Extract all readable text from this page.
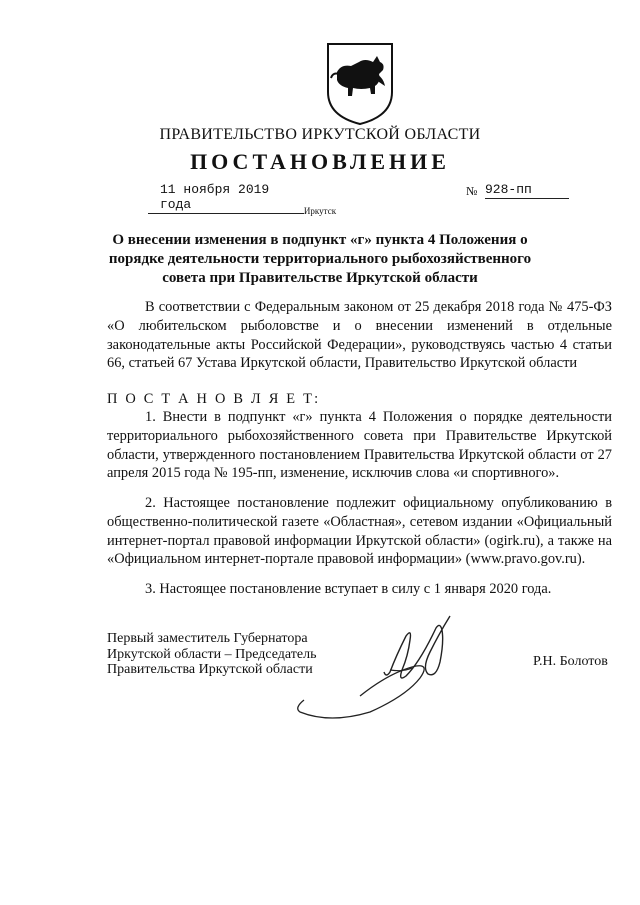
ПРАВИТЕЛЬСТВО ИРКУТСКОЙ ОБЛАСТИ
ПОСТАНОВЛЕНИЕ
11 ноября 2019 года
№ 928-пп
Иркутск
О внесении изменения в подпункт «г» пункта 4 Положения о порядке деятельности территориального рыбохозяйственного совета при Правительстве Иркутской области
В соответствии с Федеральным законом от 25 декабря 2018 года № 475-ФЗ «О любительском рыболовстве и о внесении изменений в отдельные законодательные акты Российской Федерации», руководствуясь частью 4 статьи 66, статьей 67 Устава Иркутской области, Правительство Иркутской области
П О С Т А Н О В Л Я Е Т:
1. Внести в подпункт «г» пункта 4 Положения о порядке деятельности территориального рыбохозяйственного совета при Правительстве Иркутской области, утвержденного постановлением Правительства Иркутской области от 27 апреля 2015 года № 195-пп, изменение, исключив слова «и спортивного».
2. Настоящее постановление подлежит официальному опубликованию в общественно-политической газете «Областная», сетевом издании «Официальный интернет-портал правовой информации Иркутской области» (ogirk.ru), а также на «Официальном интернет-портале правовой информации» (www.pravo.gov.ru).
3. Настоящее постановление вступает в силу с 1 января 2020 года.
Первый заместитель Губернатора
Иркутской области – Председатель
Правительства Иркутской области
Р.Н. Болотов
